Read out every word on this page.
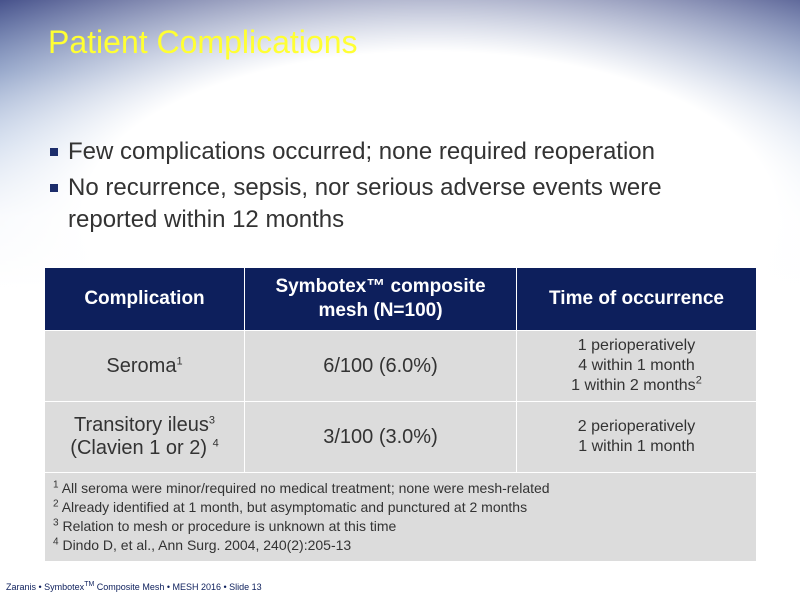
Patient Complications
Few complications occurred; none required reoperation
No recurrence, sepsis, nor serious adverse events were reported within 12 months
Complication	Symbotex™ composite mesh (N=100)	Time of occurrence
Seroma$^1$	6/100 (6.0%)	1 perioperatively
4 within 1 month
1 within 2 months$^2$
Transitory ileus$^3$
(Clavien 1 or 2) $^4$	3/100 (3.0%)	2 perioperatively
1 within 1 month

$^1$ All seroma were minor/required no medical treatment; none were mesh-related
$^2$ Already identified at 1 month, but asymptomatic and punctured at 2 months
$^3$ Relation to mesh or procedure is unknown at this time
$^4$ Dindo D, et al., Ann Surg. 2004, 240(2):205-13		
Zaranis • Symbotex™ Composite Mesh • MESH 2016 • Slide 13
